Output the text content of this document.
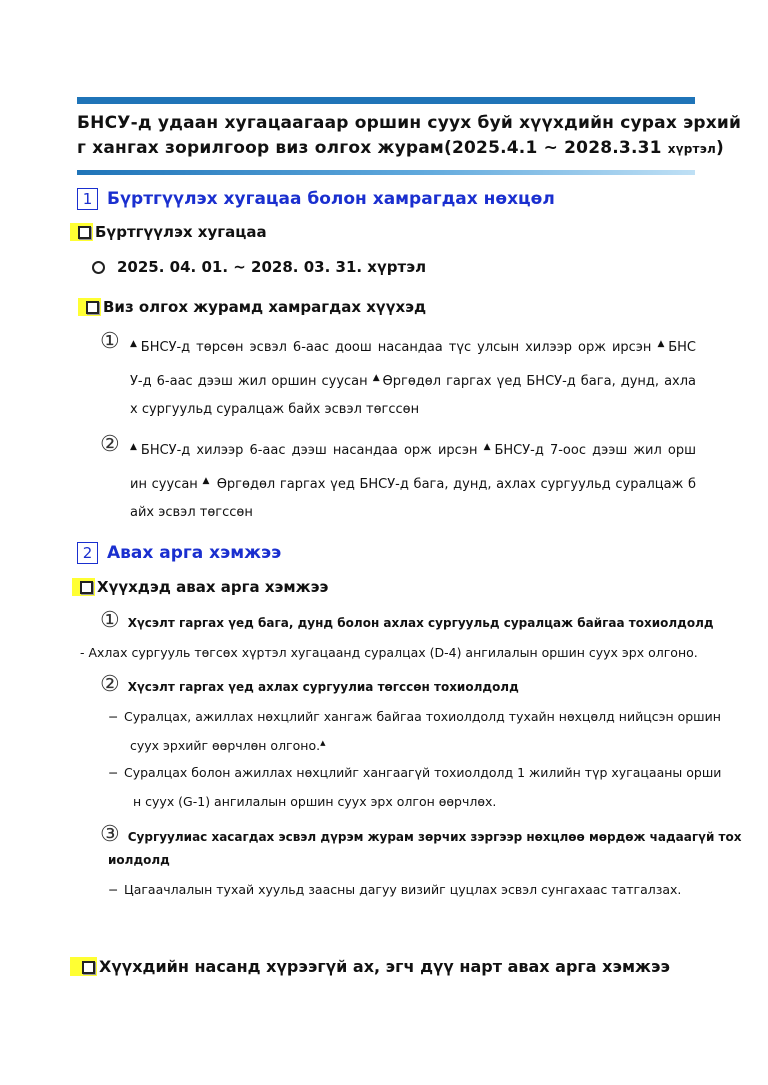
БНСУ-д удаан хугацаагаар оршин суух буй хүүхдийн сурах эрхий
г хангах зорилгоор виз олгох журам(2025.4.1 ~ 2028.3.31 хүртэл)
1 Бүртгүүлэх хугацаа болон хамрагдах нөхцөл
Бүртгүүлэх хугацаа
2025. 04. 01. ~ 2028. 03. 31. хүртэл
Виз олгох журамд хамрагдах хүүхэд
① ▲ БНСУ-д төрсөн эсвэл 6-аас доош насандаа түс улсын хилээр орж ирсэн ▲ БНС
У-д 6-аас дээш жил оршин суусан ▲ Өргөдөл гаргах үед БНСУ-д бага, дунд, ахла
х сургуульд суралцаж байх эсвэл төгссөн
② ▲ БНСУ-д хилээр 6-аас дээш насандаа орж ирсэн ▲ БНСУ-д 7-оос дээш жил орш
ин суусан ▲ Өргөдөл гаргах үед БНСУ-д бага, дунд, ахлах сургуульд суралцаж б
айх эсвэл төгссөн
2 Авах арга хэмжээ
Хүүхдэд авах арга хэмжээ
① Хүсэлт гаргах үед бага, дунд болон ахлах сургуульд суралцаж байгаа тохиолдолд
- Ахлах сургууль төгсөх хүртэл хугацаанд суралцах (D-4) ангилалын оршин суух эрх олгоно.
② Хүсэлт гаргах үед ахлах сургуулиа төгссөн тохиолдолд
− Суралцах, ажиллах нөхцлийг хангаж байгаа тохиолдолд тухайн нөхцөлд нийцсэн оршин
суух эрхийг өөрчлөн олгоно.▲
− Суралцах болон ажиллах нөхцлийг хангаагүй тохиолдолд 1 жилийн түр хугацааны орши
н суух (G-1) ангилалын оршин суух эрх олгон өөрчлөх.
③ Сургуулиас хасагдах эсвэл дүрэм журам зөрчих зэргээр нөхцлөө мөрдөж чадаагүй тох
иолдолд
− Цагаачлалын тухай хуульд заасны дагуу визийг цуцлах эсвэл сунгахаас татгалзах.
Хүүхдийн насанд хүрээгүй ах, эгч дүү нарт авах арга хэмжээ
